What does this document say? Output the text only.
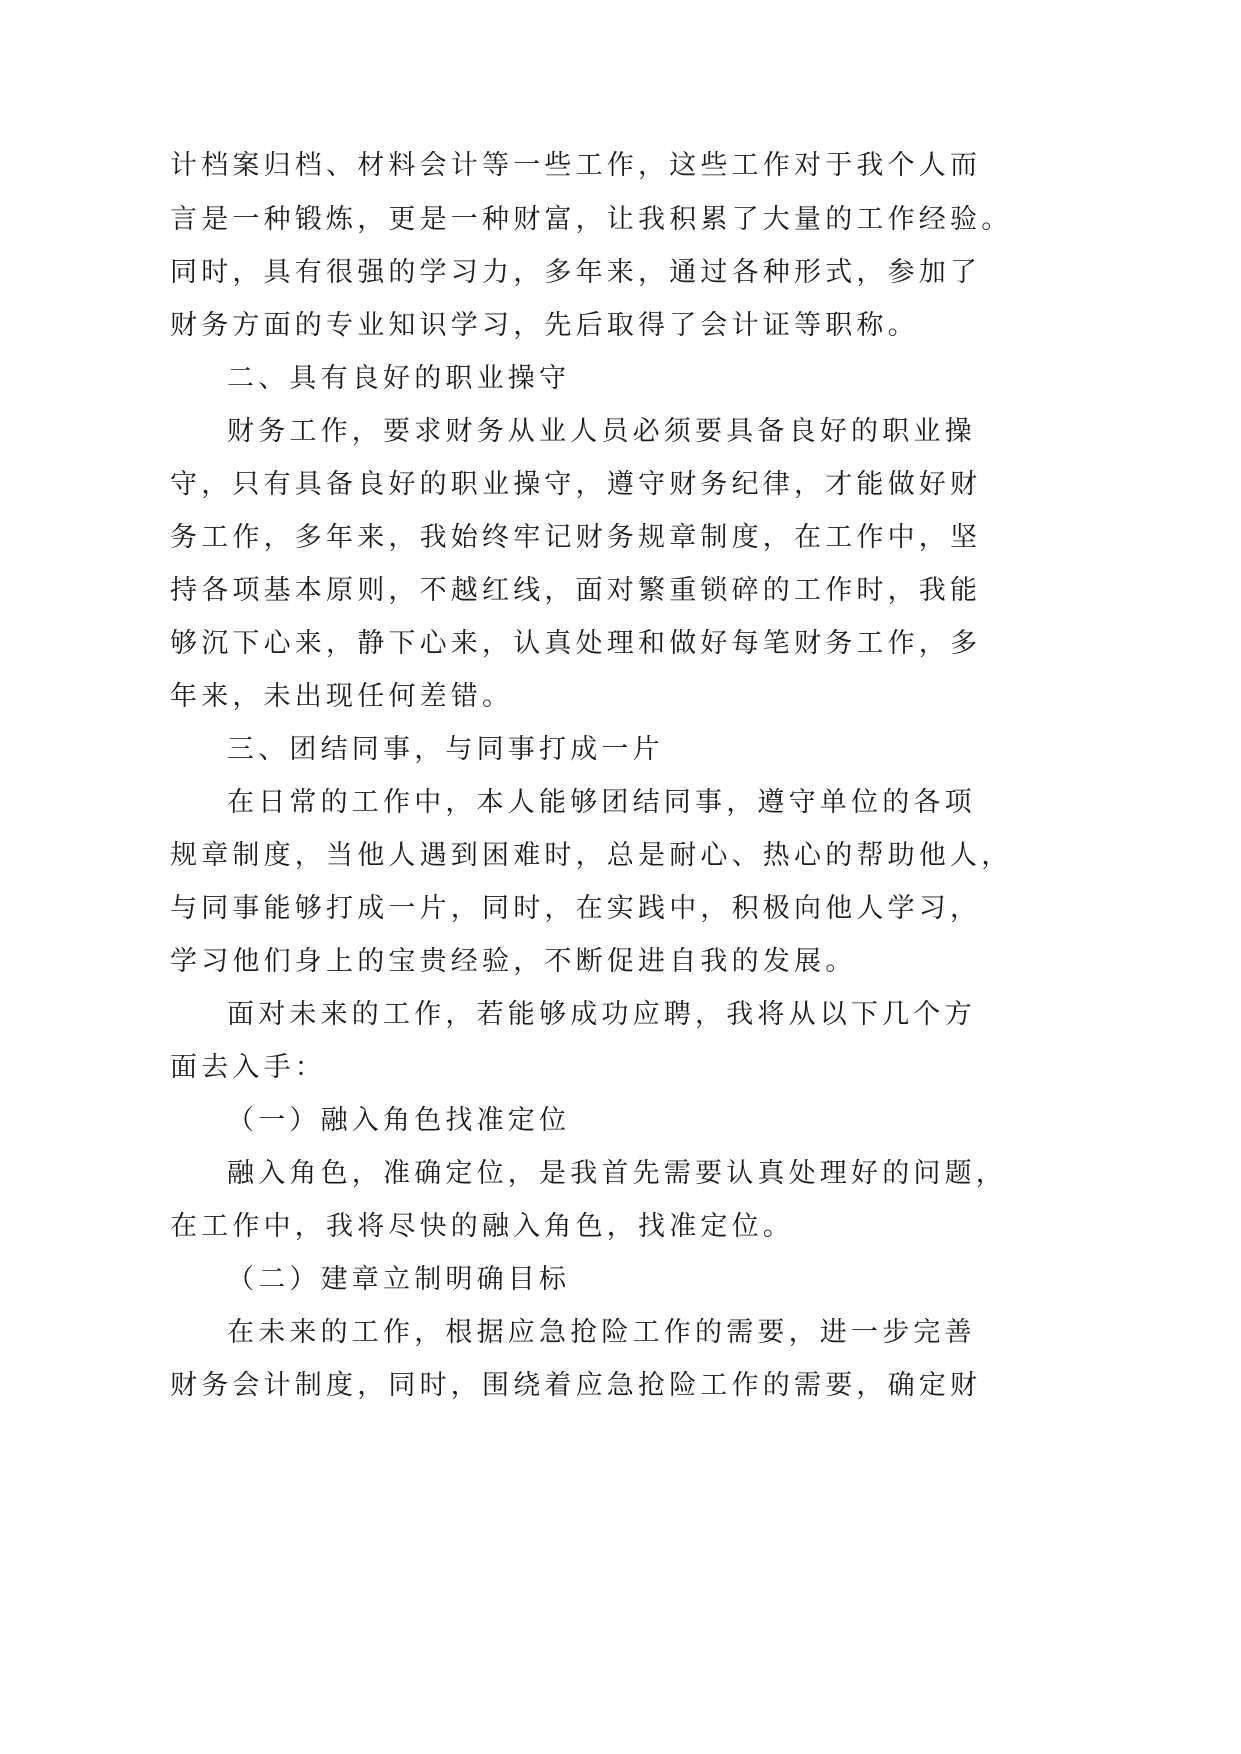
计档案归档、材料会计等一些工作，这些工作对于我个人而
言是一种锻炼，更是一种财富，让我积累了大量的工作经验。
同时，具有很强的学习力，多年来，通过各种形式，参加了
财务方面的专业知识学习，先后取得了会计证等职称。
二、具有良好的职业操守
财务工作，要求财务从业人员必须要具备良好的职业操
守，只有具备良好的职业操守，遵守财务纪律，才能做好财
务工作，多年来，我始终牢记财务规章制度，在工作中，坚
持各项基本原则，不越红线，面对繁重锁碎的工作时，我能
够沉下心来，静下心来，认真处理和做好每笔财务工作，多
年来，未出现任何差错。
三、团结同事，与同事打成一片
在日常的工作中，本人能够团结同事，遵守单位的各项
规章制度，当他人遇到困难时，总是耐心、热心的帮助他人，
与同事能够打成一片，同时，在实践中，积极向他人学习，
学习他们身上的宝贵经验，不断促进自我的发展。
面对未来的工作，若能够成功应聘，我将从以下几个方
面去入手：
（一）融入角色找准定位
融入角色，准确定位，是我首先需要认真处理好的问题，
在工作中，我将尽快的融入角色，找准定位。
（二）建章立制明确目标
在未来的工作，根据应急抢险工作的需要，进一步完善
财务会计制度，同时，围绕着应急抢险工作的需要，确定财
